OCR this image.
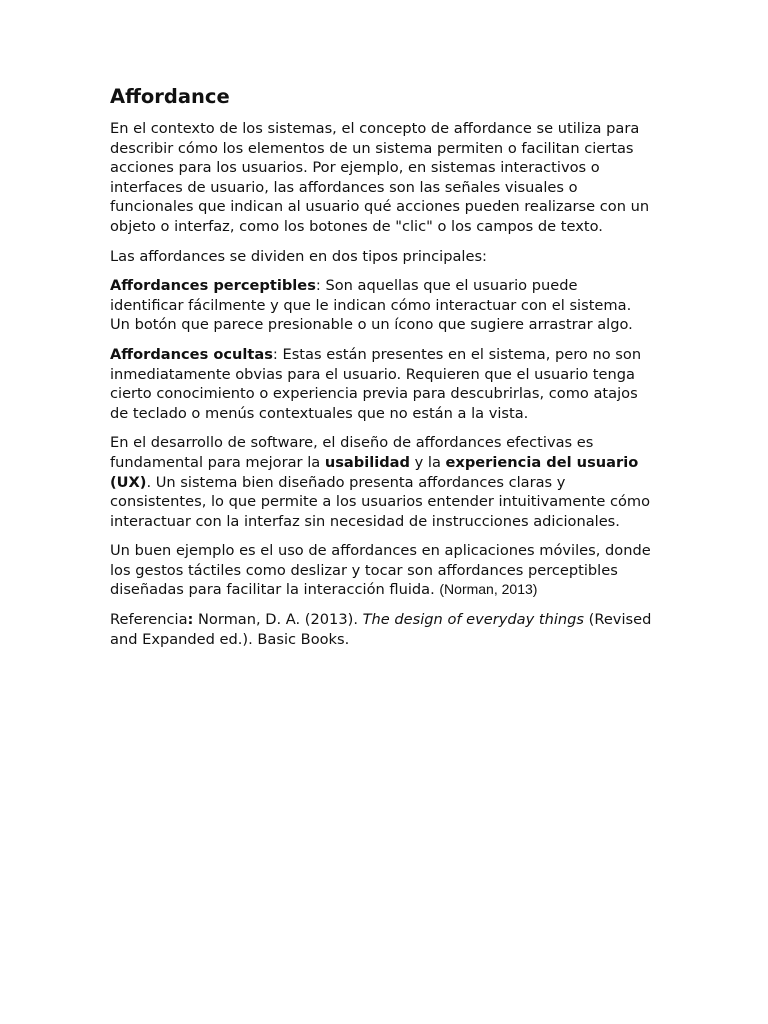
Affordance

En el contexto de los sistemas, el concepto de affordance se utiliza para describir cómo los elementos de un sistema permiten o facilitan ciertas acciones para los usuarios. Por ejemplo, en sistemas interactivos o interfaces de usuario, las affordances son las señales visuales o funcionales que indican al usuario qué acciones pueden realizarse con un objeto o interfaz, como los botones de "clic" o los campos de texto.

Las affordances se dividen en dos tipos principales:

Affordances perceptibles: Son aquellas que el usuario puede identificar fácilmente y que le indican cómo interactuar con el sistema. Un botón que parece presionable o un ícono que sugiere arrastrar algo.

Affordances ocultas: Estas están presentes en el sistema, pero no son inmediatamente obvias para el usuario. Requieren que el usuario tenga cierto conocimiento o experiencia previa para descubrirlas, como atajos de teclado o menús contextuales que no están a la vista.

En el desarrollo de software, el diseño de affordances efectivas es fundamental para mejorar la usabilidad y la experiencia del usuario (UX). Un sistema bien diseñado presenta affordances claras y consistentes, lo que permite a los usuarios entender intuitivamente cómo interactuar con la interfaz sin necesidad de instrucciones adicionales.

Un buen ejemplo es el uso de affordances en aplicaciones móviles, donde los gestos táctiles como deslizar y tocar son affordances perceptibles diseñadas para facilitar la interacción fluida. (Norman, 2013)

Referencia: Norman, D. A. (2013). The design of everyday things (Revised and Expanded ed.). Basic Books.
